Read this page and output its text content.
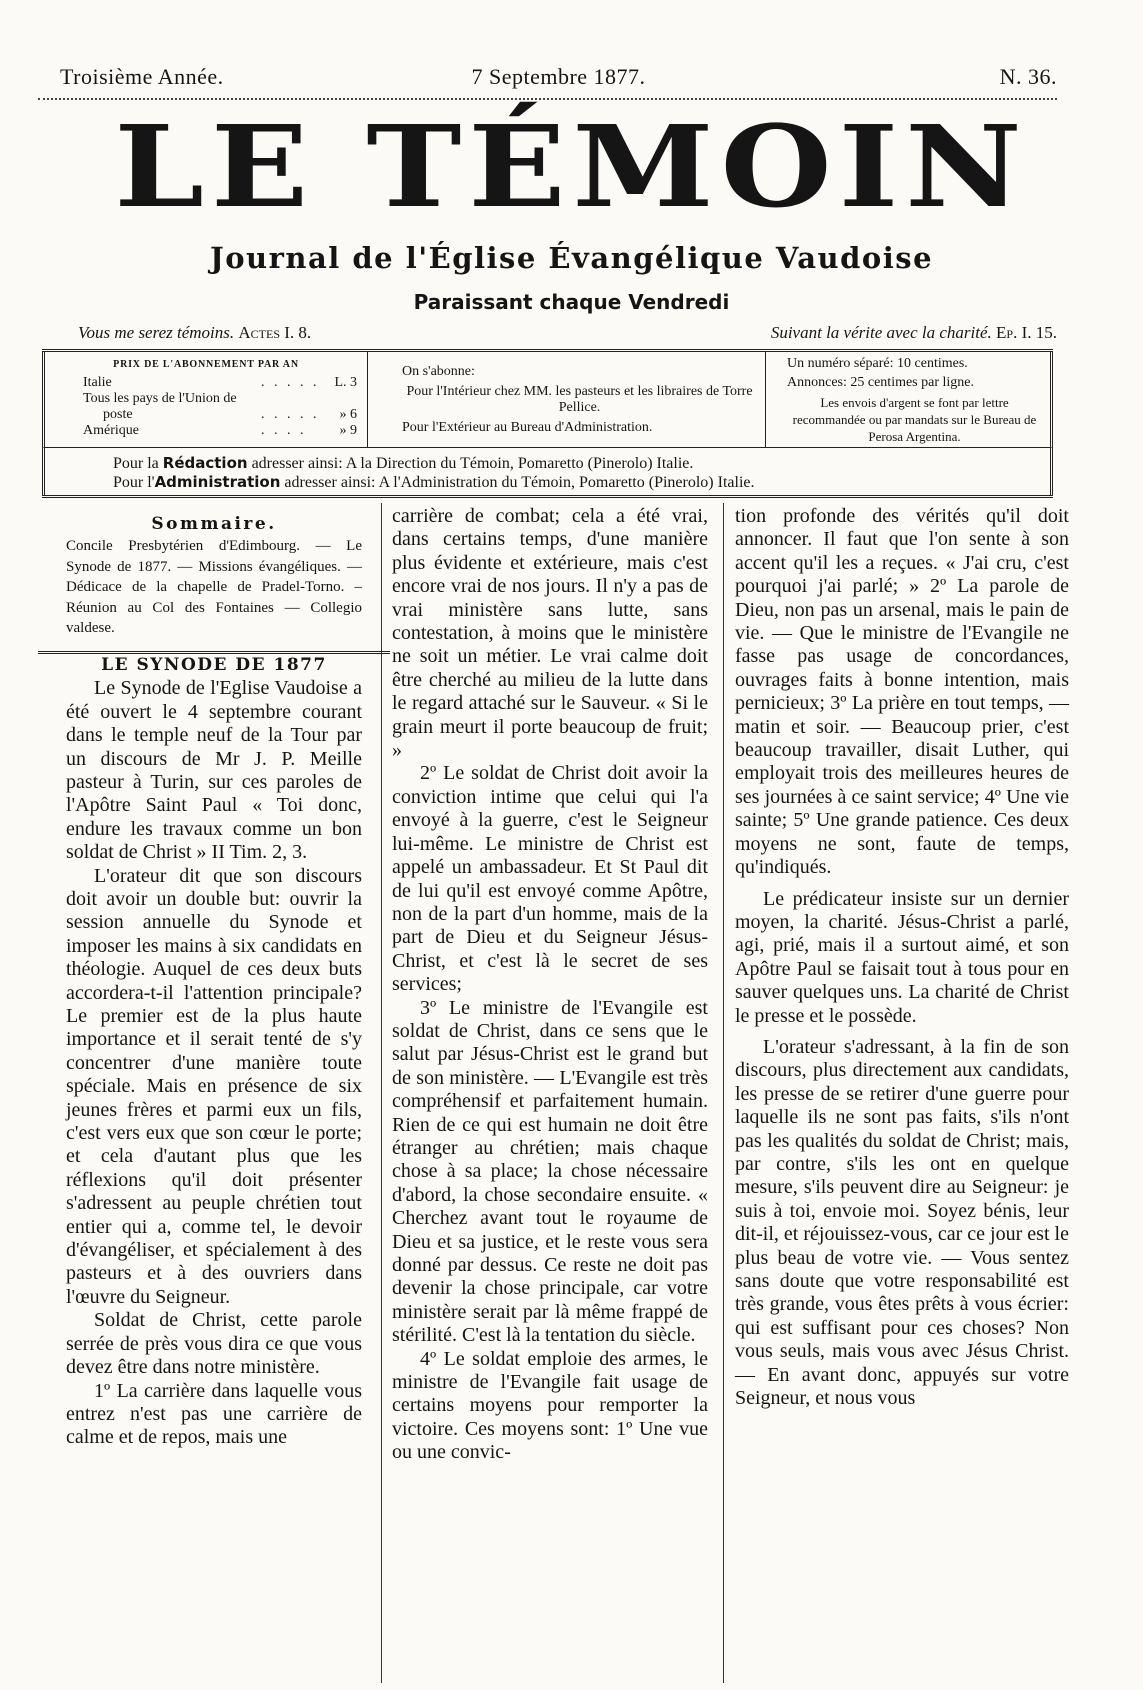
Troisième Année.	7 Septembre 1877.	N. 36.
LE TÉMOIN
Journal de l'Église Évangélique Vaudoise
Paraissant chaque Vendredi
Vous me serez témoins. Actes I. 8.	Suivant la vérite avec la charité. Ep. I. 15.
PRIX DE L'ABONNEMENT PAR AN
Italie	. . . . .	L. 3
Tous les pays de l'Union de
poste	. . . . .	» 6
Amérique	. . . .	» 9

On s'abonne:

Pour l'Intérieur chez MM. les pasteurs et les libraires de Torre Pellice.

Pour l'Extérieur au Bureau d'Administration.

Un numéro séparé: 10 centimes.

Annonces: 25 centimes par ligne.

Les envois d'argent se font par lettre recommandée ou par mandats sur le Bureau de Perosa Argentina.

Pour la Rédaction adresser ainsi: A la Direction du Témoin, Pomaretto (Pinerolo) Italie.
Pour l'Administration adresser ainsi: A l'Administration du Témoin, Pomaretto (Pinerolo) Italie.

Sommaire.

Concile Presbytérien d'Edimbourg. — Le Synode de 1877. — Missions évangéliques. — Dédicace de la chapelle de Pradel-Torno. – Réunion au Col des Fontaines — Collegio valdese.

LE SYNODE DE 1877

Le Synode de l'Eglise Vaudoise a été ouvert le 4 septembre courant dans le temple neuf de la Tour par un discours de Mr J. P. Meille pasteur à Turin, sur ces paroles de l'Apôtre Saint Paul « Toi donc, endure les travaux comme un bon soldat de Christ » II Tim. 2, 3.

L'orateur dit que son discours doit avoir un double but: ouvrir la session annuelle du Synode et imposer les mains à six candidats en théologie. Auquel de ces deux buts accordera-t-il l'attention principale? Le premier est de la plus haute importance et il serait tenté de s'y concentrer d'une manière toute spéciale. Mais en présence de six jeunes frères et parmi eux un fils, c'est vers eux que son cœur le porte; et cela d'autant plus que les réflexions qu'il doit présenter s'adressent au peuple chrétien tout entier qui a, comme tel, le devoir d'évangéliser, et spécialement à des pasteurs et à des ouvriers dans l'œuvre du Seigneur.

Soldat de Christ, cette parole serrée de près vous dira ce que vous devez être dans notre ministère.

1º La carrière dans laquelle vous entrez n'est pas une carrière de calme et de repos, mais une

carrière de combat; cela a été vrai, dans certains temps, d'une manière plus évidente et extérieure, mais c'est encore vrai de nos jours. Il n'y a pas de vrai ministère sans lutte, sans contestation, à moins que le ministère ne soit un métier. Le vrai calme doit être cherché au milieu de la lutte dans le regard attaché sur le Sauveur. « Si le grain meurt il porte beaucoup de fruit; »

2º Le soldat de Christ doit avoir la conviction intime que celui qui l'a envoyé à la guerre, c'est le Seigneur lui-même. Le ministre de Christ est appelé un ambassadeur. Et St Paul dit de lui qu'il est envoyé comme Apôtre, non de la part d'un homme, mais de la part de Dieu et du Seigneur Jésus-Christ, et c'est là le secret de ses services;

3º Le ministre de l'Evangile est soldat de Christ, dans ce sens que le salut par Jésus-Christ est le grand but de son ministère. — L'Evangile est très compréhensif et parfaitement humain. Rien de ce qui est humain ne doit être étranger au chrétien; mais chaque chose à sa place; la chose nécessaire d'abord, la chose secondaire ensuite. « Cherchez avant tout le royaume de Dieu et sa justice, et le reste vous sera donné par dessus. Ce reste ne doit pas devenir la chose principale, car votre ministère serait par là même frappé de stérilité. C'est là la tentation du siècle.

4º Le soldat emploie des armes, le ministre de l'Evangile fait usage de certains moyens pour remporter la victoire. Ces moyens sont: 1º Une vue ou une convic-

tion profonde des vérités qu'il doit annoncer. Il faut que l'on sente à son accent qu'il les a reçues. « J'ai cru, c'est pourquoi j'ai parlé; » 2º La parole de Dieu, non pas un arsenal, mais le pain de vie. — Que le ministre de l'Evangile ne fasse pas usage de concordances, ouvrages faits à bonne intention, mais pernicieux; 3º La prière en tout temps, — matin et soir. — Beaucoup prier, c'est beaucoup travailler, disait Luther, qui employait trois des meilleures heures de ses journées à ce saint service; 4º Une vie sainte; 5º Une grande patience. Ces deux moyens ne sont, faute de temps, qu'indiqués.

Le prédicateur insiste sur un dernier moyen, la charité. Jésus-Christ a parlé, agi, prié, mais il a surtout aimé, et son Apôtre Paul se faisait tout à tous pour en sauver quelques uns. La charité de Christ le presse et le possède.

L'orateur s'adressant, à la fin de son discours, plus directement aux candidats, les presse de se retirer d'une guerre pour laquelle ils ne sont pas faits, s'ils n'ont pas les qualités du soldat de Christ; mais, par contre, s'ils les ont en quelque mesure, s'ils peuvent dire au Seigneur: je suis à toi, envoie moi. Soyez bénis, leur dit-il, et réjouissez-vous, car ce jour est le plus beau de votre vie. — Vous sentez sans doute que votre responsabilité est très grande, vous êtes prêts à vous écrier: qui est suffisant pour ces choses? Non vous seuls, mais vous avec Jésus Christ. — En avant donc, appuyés sur votre Seigneur, et nous vous
